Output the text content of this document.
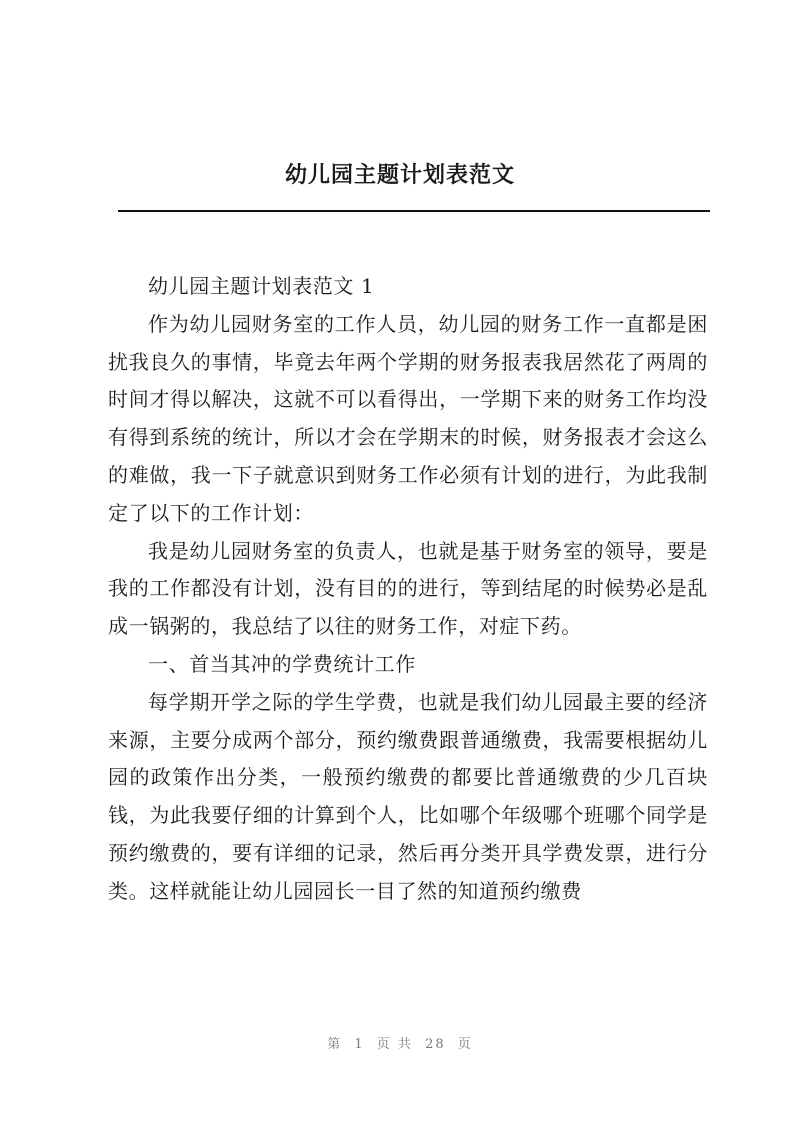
幼儿园主题计划表范文

幼儿园主题计划表范文 1

作为幼儿园财务室的工作人员，幼儿园的财务工作一直都是困扰我良久的事情，毕竟去年两个学期的财务报表我居然花了两周的时间才得以解决，这就不可以看得出，一学期下来的财务工作均没有得到系统的统计，所以才会在学期末的时候，财务报表才会这么的难做，我一下子就意识到财务工作必须有计划的进行，为此我制定了以下的工作计划：

我是幼儿园财务室的负责人，也就是基于财务室的领导，要是我的工作都没有计划，没有目的的进行，等到结尾的时候势必是乱成一锅粥的，我总结了以往的财务工作，对症下药。

一、首当其冲的学费统计工作

每学期开学之际的学生学费，也就是我们幼儿园最主要的经济来源，主要分成两个部分，预约缴费跟普通缴费，我需要根据幼儿园的政策作出分类，一般预约缴费的都要比普通缴费的少几百块钱，为此我要仔细的计算到个人，比如哪个年级哪个班哪个同学是预约缴费的，要有详细的记录，然后再分类开具学费发票，进行分类。这样就能让幼儿园园长一目了然的知道预约缴费

第 1 页 共 28 页
